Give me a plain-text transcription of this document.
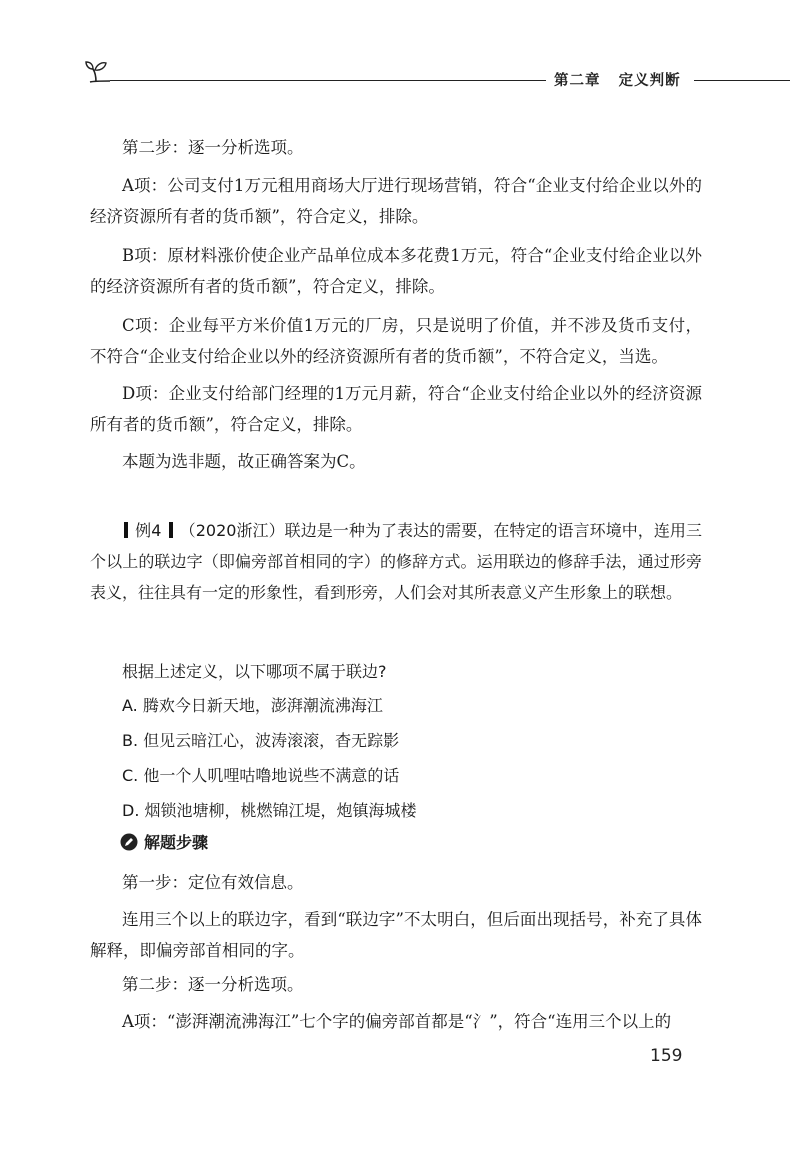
第二章 定义判断

第二步：逐一分析选项。

A项：公司支付1万元租用商场大厅进行现场营销，符合“企业支付给企业以外的经济资源所有者的货币额”，符合定义，排除。

B项：原材料涨价使企业产品单位成本多花费1万元，符合“企业支付给企业以外的经济资源所有者的货币额”，符合定义，排除。

C项：企业每平方米价值1万元的厂房，只是说明了价值，并不涉及货币支付，不符合“企业支付给企业以外的经济资源所有者的货币额”，不符合定义，当选。

D项：企业支付给部门经理的1万元月薪，符合“企业支付给企业以外的经济资源所有者的货币额”，符合定义，排除。

本题为选非题，故正确答案为C。

例4 （2020浙江）联边是一种为了表达的需要，在特定的语言环境中，连用三个以上的联边字（即偏旁部首相同的字）的修辞方式。运用联边的修辞手法，通过形旁表义，往往具有一定的形象性，看到形旁，人们会对其所表意义产生形象上的联想。

根据上述定义，以下哪项不属于联边?

A. 腾欢今日新天地，澎湃潮流沸海江

B. 但见云暗江心，波涛滚滚，杳无踪影

C. 他一个人叽哩咕噜地说些不满意的话

D. 烟锁池塘柳，桃燃锦江堤，炮镇海城楼

解题步骤

第一步：定位有效信息。

连用三个以上的联边字，看到“联边字”不太明白，但后面出现括号，补充了具体解释，即偏旁部首相同的字。

第二步：逐一分析选项。

A项：“澎湃潮流沸海江”七个字的偏旁部首都是“氵”，符合“连用三个以上的

159
